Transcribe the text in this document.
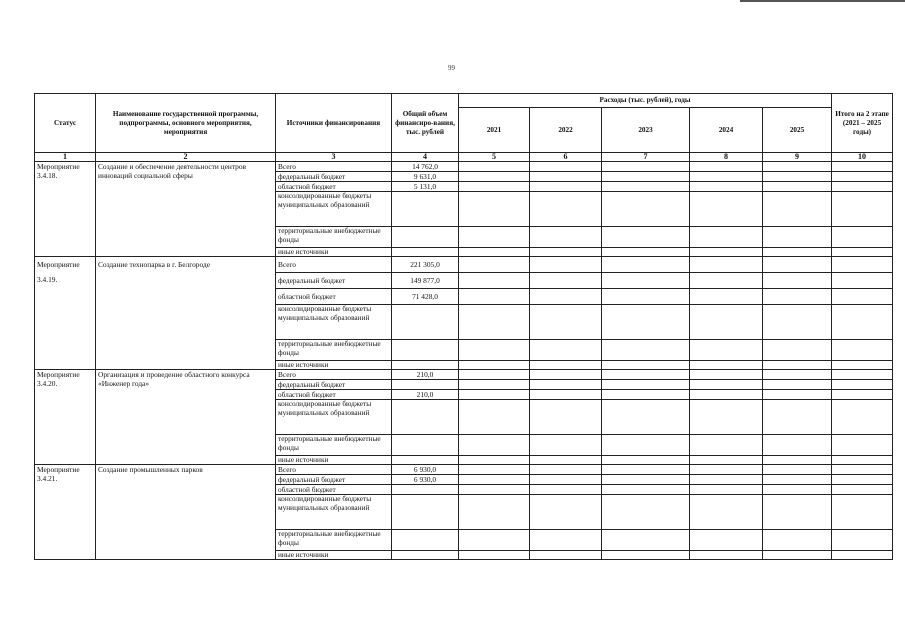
99
Статус	Наименование государственной программы, подпрограммы, основного мероприятия, мероприятия	Источники финансирования	Общий объем финансиро-вания, тыс. рублей	Расходы (тыс. рублей), годы					Итого на 2 этапе (2021 – 2025 годы)
				2021	2022	2023	2024	2025	
1	2	3	4	5	6	7	8	9	10
Мероприятие 3.4.18.	Создание и обеспечение деятельности центров инноваций социальной сферы	Всего	14 762,0						
		федеральный бюджет	9 631,0						
		областной бюджет	5 131,0						
		консолидированные бюджеты муниципальных образований							
		территориальные внебюджетные фонды							
		иные источники							
Мероприятие 3.4.19.	Создание технопарка в г. Белгороде	Всего	221 305,0						
		федеральный бюджет	149 877,0						
		областной бюджет	71 428,0						
		консолидированные бюджеты муниципальных образований							
		территориальные внебюджетные фонды							
		иные источники							
Мероприятие 3.4.20.	Организация и проведение областного конкурса «Инженер года»	Всего	210,0						
		федеральный бюджет							
		областной бюджет	210,0						
		консолидированные бюджеты муниципальных образований							
		территориальные внебюджетные фонды							
		иные источники							
Мероприятие 3.4.21.	Создание промышленных парков	Всего	6 930,0						
		федеральный бюджет	6 930,0						
		областной бюджет							
		консолидированные бюджеты муниципальных образований							
		территориальные внебюджетные фонды							
		иные источники							
